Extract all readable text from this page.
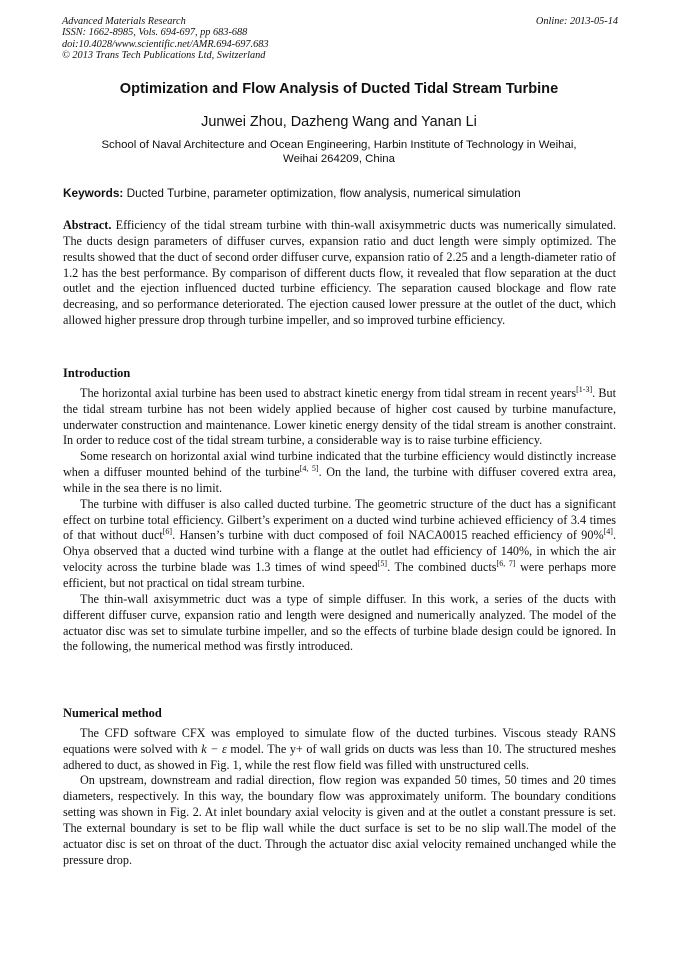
Advanced Materials Research	Online: 2013-05-14
ISSN: 1662-8985, Vols. 694-697, pp 683-688
doi:10.4028/www.scientific.net/AMR.694-697.683
© 2013 Trans Tech Publications Ltd, Switzerland
Optimization and Flow Analysis of Ducted Tidal Stream Turbine
Junwei Zhou, Dazheng Wang and Yanan Li
School of Naval Architecture and Ocean Engineering, Harbin Institute of Technology in Weihai,
Weihai 264209, China
Keywords: Ducted Turbine, parameter optimization, flow analysis, numerical simulation

Abstract. Efficiency of the tidal stream turbine with thin-wall axisymmetric ducts was numerically simulated. The ducts design parameters of diffuser curves, expansion ratio and duct length were simply optimized. The results showed that the duct of second order diffuser curve, expansion ratio of 2.25 and a length-diameter ratio of 1.2 has the best performance. By comparison of different ducts flow, it revealed that flow separation at the duct outlet and the ejection influenced ducted turbine efficiency. The separation caused blockage and flow rate decreasing, and so performance deteriorated. The ejection caused lower pressure at the outlet of the duct, which allowed higher pressure drop through turbine impeller, and so improved turbine efficiency.

Introduction

The horizontal axial turbine has been used to abstract kinetic energy from tidal stream in recent years[1-3]. But the tidal stream turbine has not been widely applied because of higher cost caused by turbine manufacture, underwater construction and maintenance. Lower kinetic energy density of the tidal stream is another constraint. In order to reduce cost of the tidal stream turbine, a considerable way is to raise turbine efficiency.

Some research on horizontal axial wind turbine indicated that the turbine efficiency would distinctly increase when a diffuser mounted behind of the turbine[4, 5]. On the land, the turbine with diffuser covered extra area, while in the sea there is no limit.

The turbine with diffuser is also called ducted turbine. The geometric structure of the duct has a significant effect on turbine total efficiency. Gilbert’s experiment on a ducted wind turbine achieved efficiency of 3.4 times of that without duct[6]. Hansen’s turbine with duct composed of foil NACA0015 reached efficiency of 90%[4]. Ohya observed that a ducted wind turbine with a flange at the outlet had efficiency of 140%, in which the air velocity across the turbine blade was 1.3 times of wind speed[5]. The combined ducts[6, 7] were perhaps more efficient, but not practical on tidal stream turbine.

The thin-wall axisymmetric duct was a type of simple diffuser. In this work, a series of the ducts with different diffuser curve, expansion ratio and length were designed and numerically analyzed. The model of the actuator disc was set to simulate turbine impeller, and so the effects of turbine blade design could be ignored. In the following, the numerical method was firstly introduced.

Numerical method

The CFD software CFX was employed to simulate flow of the ducted turbines. Viscous steady RANS equations were solved with k − ε model. The y+ of wall grids on ducts was less than 10. The structured meshes adhered to duct, as showed in Fig. 1, while the rest flow field was filled with unstructured cells.

On upstream, downstream and radial direction, flow region was expanded 50 times, 50 times and 20 times diameters, respectively. In this way, the boundary flow was approximately uniform. The boundary conditions setting was shown in Fig. 2. At inlet boundary axial velocity is given and at the outlet a constant pressure is set. The external boundary is set to be flip wall while the duct surface is set to be no slip wall.The model of the actuator disc is set on throat of the duct. Through the actuator disc axial velocity remained unchanged while the pressure drop.
